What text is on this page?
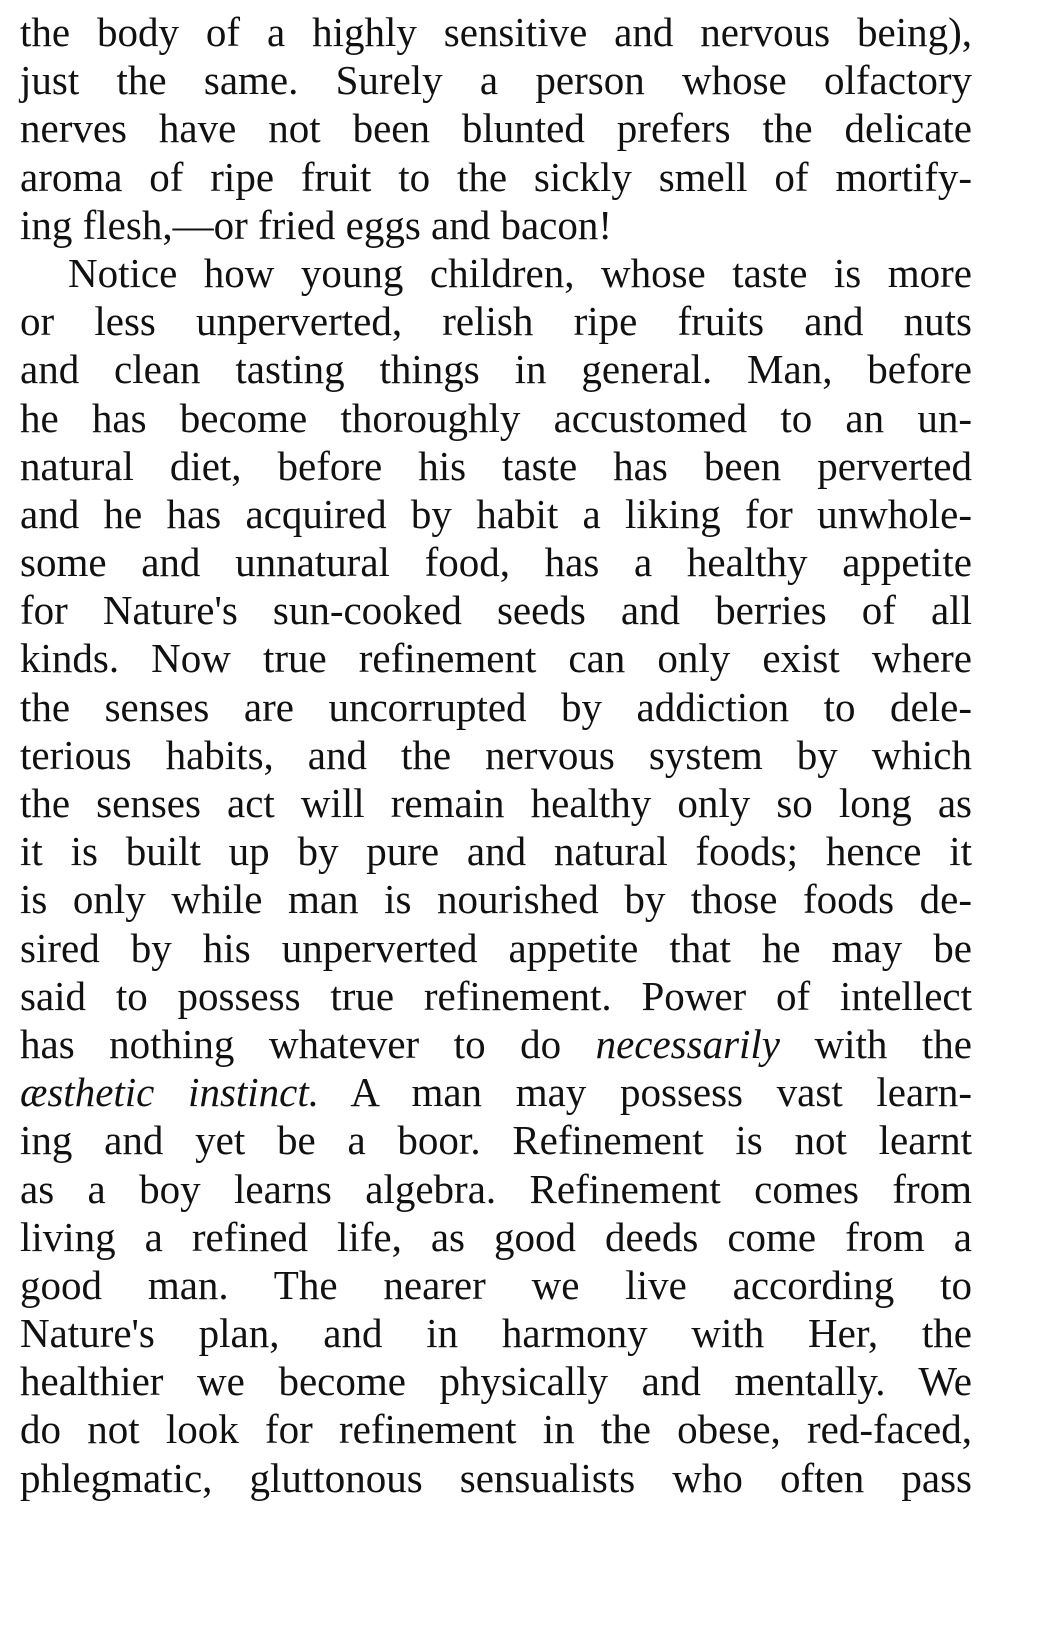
the body of a highly sensitive and nervous being),
just the same. Surely a person whose olfactory
nerves have not been blunted prefers the delicate
aroma of ripe fruit to the sickly smell of mortify-
ing flesh,—or fried eggs and bacon!
Notice how young children, whose taste is more
or less unperverted, relish ripe fruits and nuts
and clean tasting things in general. Man, before
he has become thoroughly accustomed to an un-
natural diet, before his taste has been perverted
and he has acquired by habit a liking for unwhole-
some and unnatural food, has a healthy appetite
for Nature's sun-cooked seeds and berries of all
kinds. Now true refinement can only exist where
the senses are uncorrupted by addiction to dele-
terious habits, and the nervous system by which
the senses act will remain healthy only so long as
it is built up by pure and natural foods; hence it
is only while man is nourished by those foods de-
sired by his unperverted appetite that he may be
said to possess true refinement. Power of intellect
has nothing whatever to do necessarily with the
æsthetic instinct. A man may possess vast learn-
ing and yet be a boor. Refinement is not learnt
as a boy learns algebra. Refinement comes from
living a refined life, as good deeds come from a
good man. The nearer we live according to
Nature's plan, and in harmony with Her, the
healthier we become physically and mentally. We
do not look for refinement in the obese, red-faced,
phlegmatic, gluttonous sensualists who often pass
